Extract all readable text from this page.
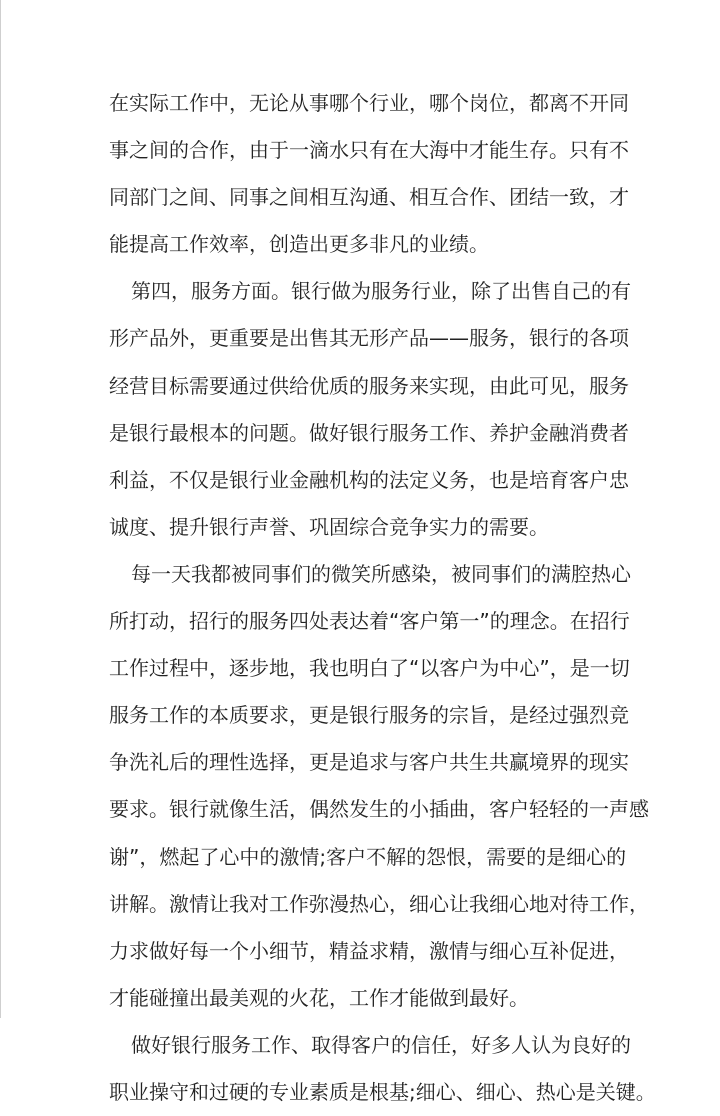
在实际工作中，无论从事哪个行业，哪个岗位，都离不开同
事之间的合作，由于一滴水只有在大海中才能生存。只有不
同部门之间、同事之间相互沟通、相互合作、团结一致，才
能提高工作效率，创造出更多非凡的业绩。
第四，服务方面。银行做为服务行业，除了出售自己的有
形产品外，更重要是出售其无形产品——服务，银行的各项
经营目标需要通过供给优质的服务来实现，由此可见，服务
是银行最根本的问题。做好银行服务工作、养护金融消费者
利益，不仅是银行业金融机构的法定义务，也是培育客户忠
诚度、提升银行声誉、巩固综合竞争实力的需要。
每一天我都被同事们的微笑所感染，被同事们的满腔热心
所打动，招行的服务四处表达着“客户第一”的理念。在招行
工作过程中，逐步地，我也明白了“以客户为中心”，是一切
服务工作的本质要求，更是银行服务的宗旨，是经过强烈竞
争洗礼后的理性选择，更是追求与客户共生共赢境界的现实
要求。银行就像生活，偶然发生的小插曲，客户轻轻的一声感
谢”，燃起了心中的激情;客户不解的怨恨，需要的是细心的
讲解。激情让我对工作弥漫热心，细心让我细心地对待工作，
力求做好每一个小细节，精益求精，激情与细心互补促进，
才能碰撞出最美观的火花，工作才能做到最好。
做好银行服务工作、取得客户的信任，好多人认为良好的
职业操守和过硬的专业素质是根基;细心、细心、热心是关键。
